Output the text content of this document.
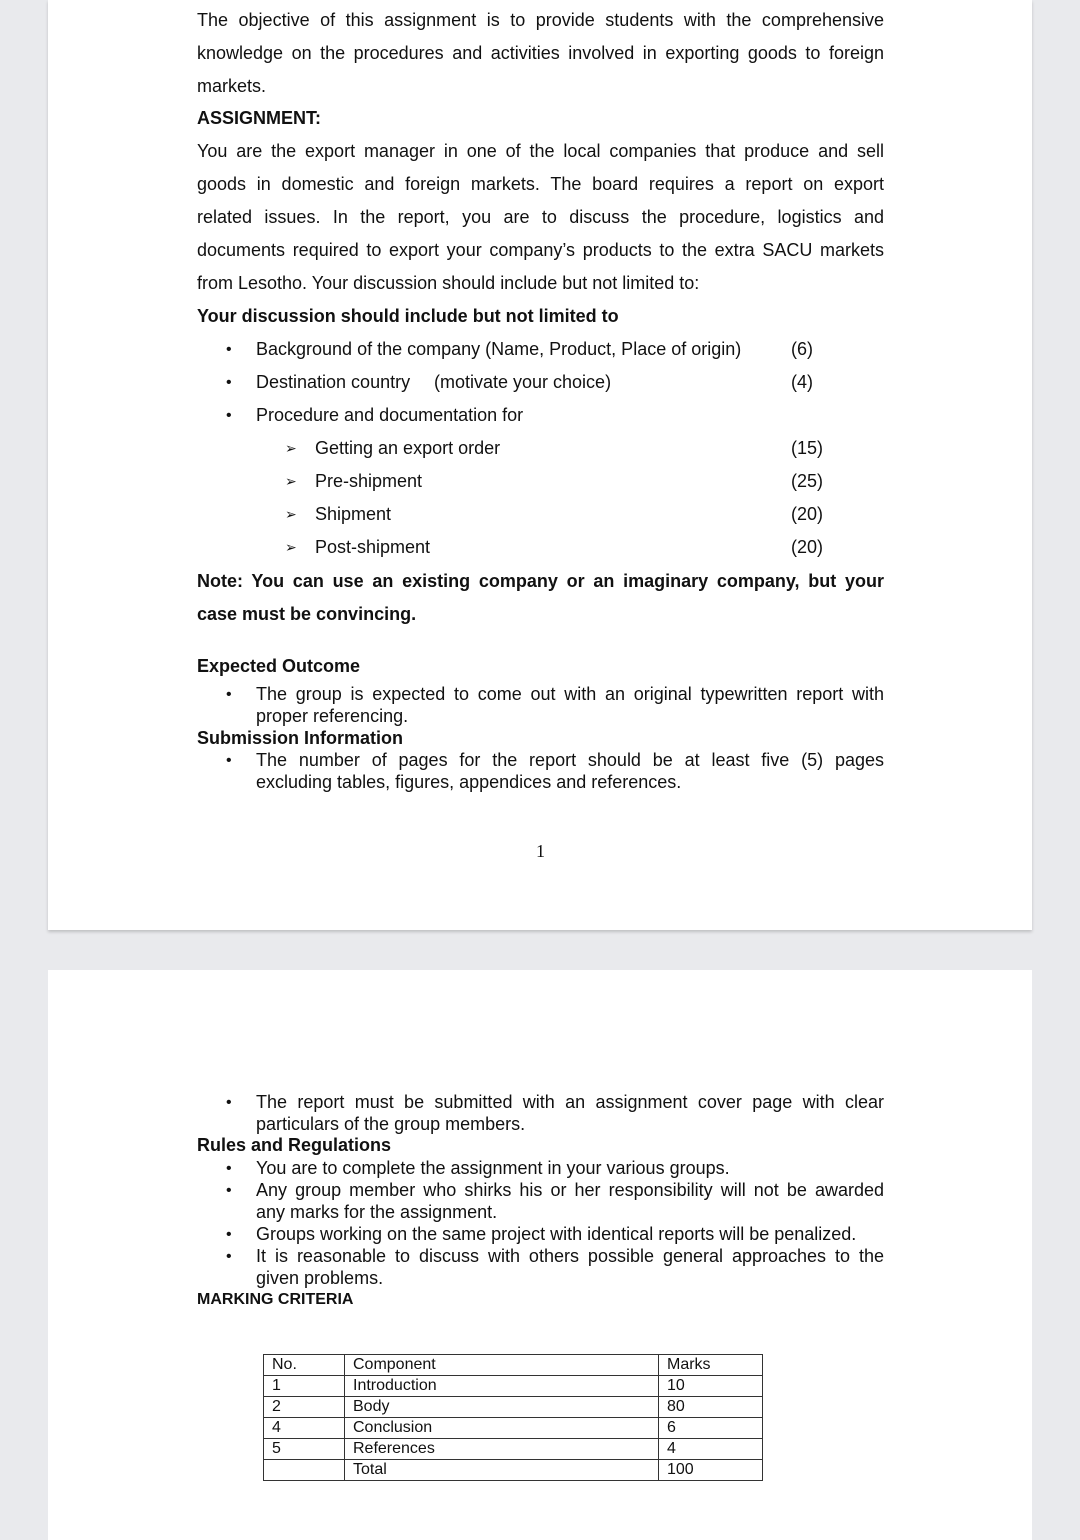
The objective of this assignment is to provide students with the comprehensive
knowledge on the procedures and activities involved in exporting goods to foreign
markets.
ASSIGNMENT:
You are the export manager in one of the local companies that produce and sell
goods in domestic and foreign markets. The board requires a report on export
related issues. In the report, you are to discuss the procedure, logistics and
documents required to export your company’s products to the extra SACU markets
from Lesotho. Your discussion should include but not limited to:
Your discussion should include but not limited to
• Background of the company (Name, Product, Place of origin)	(6)
• Destination country (motivate your choice)	(4)
• Procedure and documentation for
➢ Getting an export order	(15)
➢ Pre-shipment	(25)
➢ Shipment	(20)
➢ Post-shipment	(20)
Note: You can use an existing company or an imaginary company, but your
case must be convincing.
Expected Outcome
• The group is expected to come out with an original typewritten report with
proper referencing.
Submission Information
• The number of pages for the report should be at least five (5) pages
excluding tables, figures, appendices and references.
1
• The report must be submitted with an assignment cover page with clear
particulars of the group members.
Rules and Regulations
• You are to complete the assignment in your various groups.
• Any group member who shirks his or her responsibility will not be awarded
any marks for the assignment.
• Groups working on the same project with identical reports will be penalized.
• It is reasonable to discuss with others possible general approaches to the
given problems.
MARKING CRITERIA
No.	Component	Marks
1	Introduction	10
2	Body	80
4	Conclusion	6
5	References	4
	Total	100
